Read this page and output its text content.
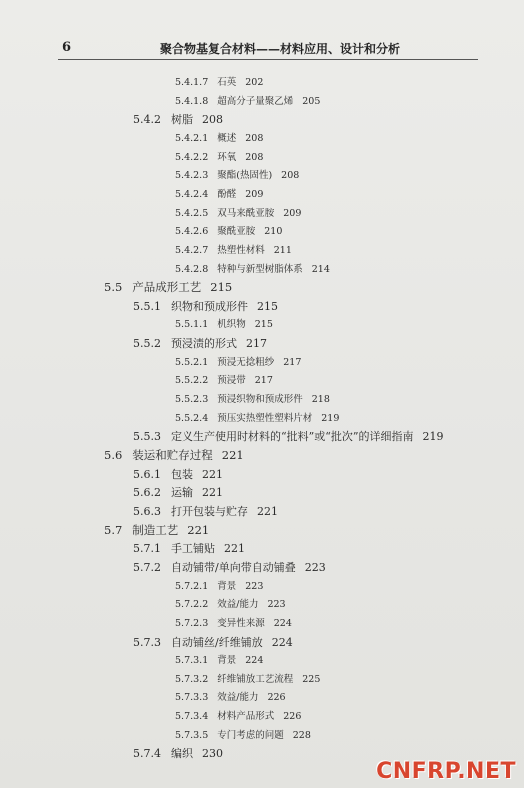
6	聚合物基复合材料——材料应用、设计和分析
5.4.1.7 石英 202
5.4.1.8 超高分子量聚乙烯 205
5.4.2 树脂 208
5.4.2.1 概述 208
5.4.2.2 环氧 208
5.4.2.3 聚酯(热固性) 208
5.4.2.4 酚醛 209
5.4.2.5 双马来酰亚胺 209
5.4.2.6 聚酰亚胺 210
5.4.2.7 热塑性材料 211
5.4.2.8 特种与新型树脂体系 214
5.5 产品成形工艺 215
5.5.1 织物和预成形件 215
5.5.1.1 机织物 215
5.5.2 预浸渍的形式 217
5.5.2.1 预浸无捻粗纱 217
5.5.2.2 预浸带 217
5.5.2.3 预浸织物和预成形件 218
5.5.2.4 预压实热塑性塑料片材 219
5.5.3 定义生产使用时材料的“批料”或“批次”的详细指南 219
5.6 装运和贮存过程 221
5.6.1 包装 221
5.6.2 运输 221
5.6.3 打开包装与贮存 221
5.7 制造工艺 221
5.7.1 手工铺贴 221
5.7.2 自动铺带/单向带自动铺叠 223
5.7.2.1 背景 223
5.7.2.2 效益/能力 223
5.7.2.3 变异性来源 224
5.7.3 自动铺丝/纤维铺放 224
5.7.3.1 背景 224
5.7.3.2 纤维铺放工艺流程 225
5.7.3.3 效益/能力 226
5.7.3.4 材料产品形式 226
5.7.3.5 专门考虑的问题 228
5.7.4 编织 230
CNFRP.NET
